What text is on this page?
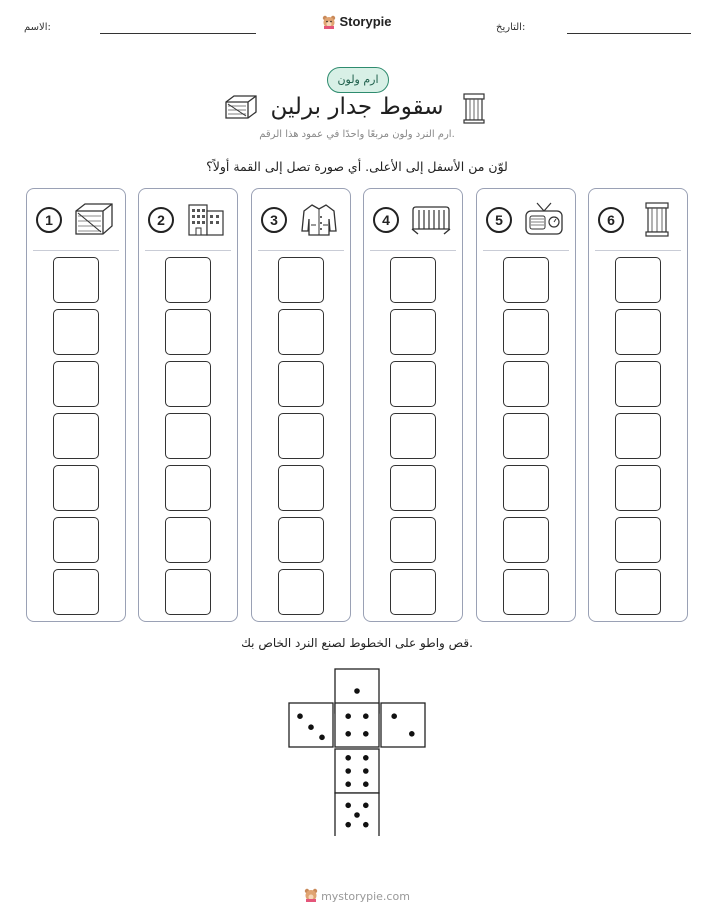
الاسم:	Storypie	التاريخ:
ارم ولون
سقوط جدار برلين
ارم النرد ولون مربعًا واحدًا في عمود هذا الرقم.
لوّن من الأسفل إلى الأعلى. أي صورة تصل إلى القمة أولاً؟
1	2	3	4	5	6
قص واطو على الخطوط لصنع النرد الخاص بك.
mystorypie.com
